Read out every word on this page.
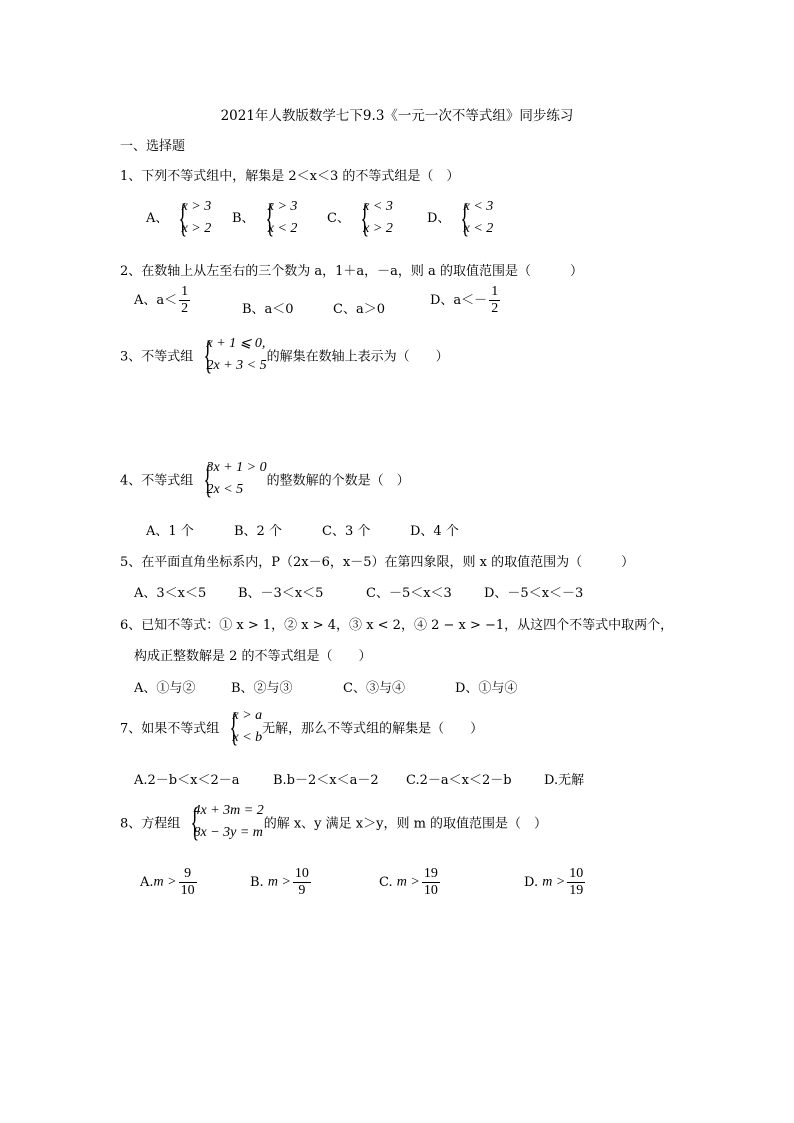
2021年人教版数学七下9.3《一元一次不等式组》同步练习
一、选择题
1、下列不等式组中，解集是 2＜x＜3 的不等式组是（　）
A、 {
x > 3
x > 2
B、 {
x > 3
x < 2
C、 {
x < 3
x > 2
D、 {
x < 3
x < 2
2、在数轴上从左至右的三个数为 a，1＋a，－a，则 a 的取值范围是（　　　）
A、$a< \frac{1}{2}$	B、a＜0	C、a＞0
D、$a<- \frac{1}{2}$
3、不等式组 {
x + 1 ⩽ 0,
2x + 3 < 5
的解集在数轴上表示为（　　）
4、不等式组 {
3x + 1 > 0
2x < 5
的整数解的个数是（　）
A、1 个	B、2 个	C、3 个	D、4 个
5、在平面直角坐标系内，P（2x－6，x－5）在第四象限，则 x 的取值范围为（　　　）
A、3＜x＜5 B、－3＜x＜5	C、－5＜x＜3 D、－5＜x＜－3
6、已知不等式：① x > 1，② x > 4，③ x < 2，④ 2 − x > −1，从这四个不等式中取两个，
构成正整数解是 2 的不等式组是（　　）
A、①与②	B、②与③	C、③与④	D、①与④
7、如果不等式组 {
x > a
x < b
无解，那么不等式组的解集是（　　）
A.2－b＜x＜2－a	B.b－2＜x＜a－2 C.2－a＜x＜2－b D.无解
8、方程组 {
4x + 3m = 2
8x − 3y = m
的解 x、y 满足 x＞y，则 m 的取值范围是（　）
$A.m > \frac{9}{10}$	B. $m > \frac{10}{9}$	C. $m > \frac{19}{10}$	D. $m > \frac{10}{19}$
